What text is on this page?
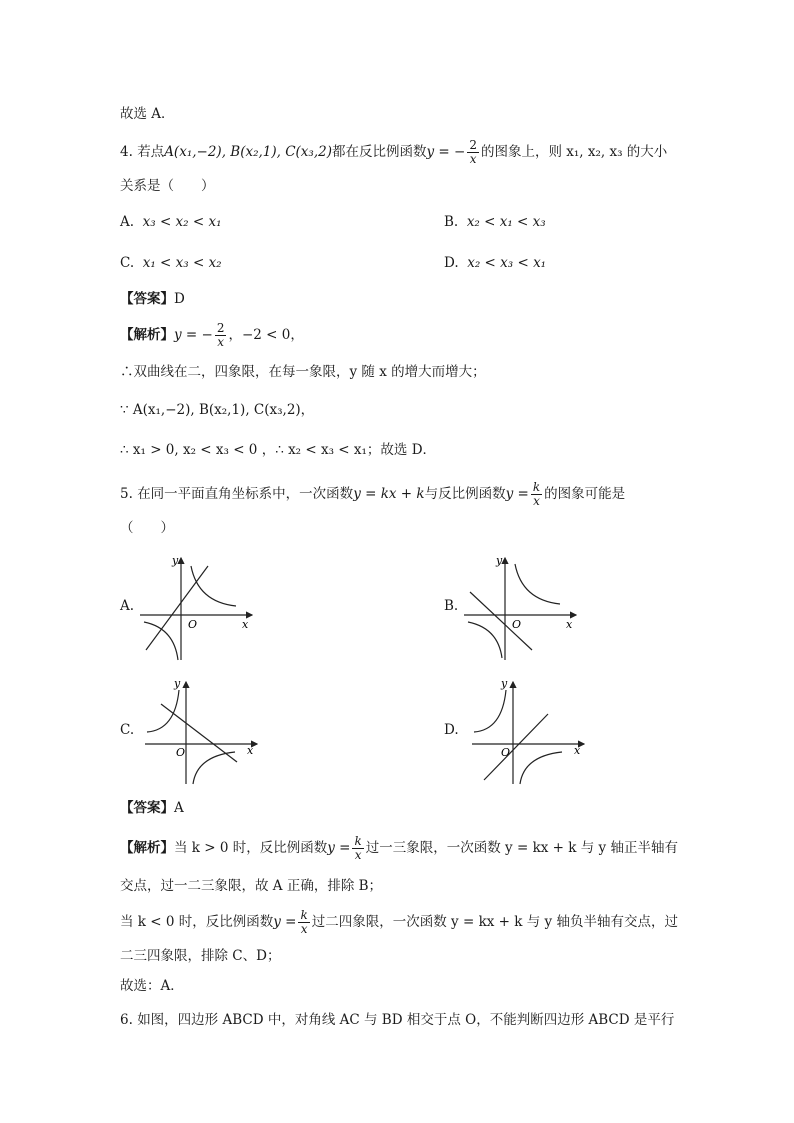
故选 A．
4. 若点A(x₁,−2), B(x₂,1), C(x₃,2)都在反比例函数y = − $\frac{2}{x}$ 的图象上，则 x₁, x₂, x₃ 的大小
关系是（　　）
A. x₃ < x₂ < x₁	B. x₂ < x₁ < x₃
C. x₁ < x₃ < x₂	D. x₂ < x₃ < x₁
【答案】D
【解析】y = − $\frac{2}{x}$ ，−2 < 0，
∴双曲线在二，四象限，在每一象限，y 随 x 的增大而增大；
∵ A(x₁,−2), B(x₂,1), C(x₃,2)，
∴ x₁ > 0, x₂ < x₃ < 0 ，∴ x₂ < x₃ < x₁；故选 D．
5. 在同一平面直角坐标系中，一次函数y = kx + k与反比例函数$y = \frac{k}{x}$ 的图象可能是
（　　）
A.
y
x
O
B.
y
x
O
C.
y
x
O
D.
y
x
O
【答案】A
【解析】当 k > 0 时，反比例函数$y = \frac{k}{x}$ 过一三象限，一次函数 y = kx + k 与 y 轴正半轴有
交点，过一二三象限，故 A 正确，排除 B；
当 k < 0 时，反比例函数$y = \frac{k}{x}$ 过二四象限，一次函数 y = kx + k 与 y 轴负半轴有交点，过
二三四象限，排除 C、D；
故选：A．
6. 如图，四边形 ABCD 中，对角线 AC 与 BD 相交于点 O，不能判断四边形 ABCD 是平行
